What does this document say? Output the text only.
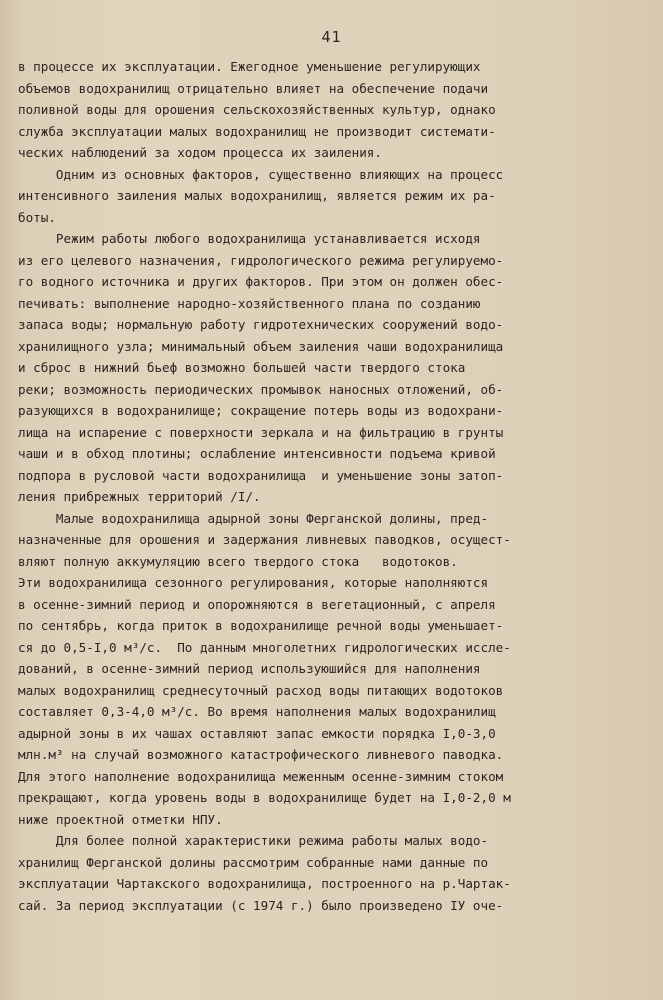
41
в процессе их эксплуатации. Ежегодное уменьшение регулирующих
объемов водохранилищ отрицательно влияет на обеспечение подачи
поливной воды для орошения сельскохозяйственных культур, однако
служба эксплуатации малых водохранилищ не производит системати-
ческих наблюдений за ходом процесса их заиления.
Одним из основных факторов, существенно влияющих на процесс
интенсивного заиления малых водохранилищ, является режим их ра-
боты.
Режим работы любого водохранилища устанавливается исходя
из его целевого назначения, гидрологического режима регулируемо-
го водного источника и других факторов. При этом он должен обес-
печивать: выполнение народно-хозяйственного плана по созданию
запаса воды; нормальную работу гидротехнических сооружений водо-
хранилищного узла; минимальный объем заиления чаши водохранилища
и сброс в нижний бьеф возможно большей части твердого стока
реки; возможность периодических промывок наносных отложений, об-
разующихся в водохранилище; сокращение потерь воды из водохрани-
лища на испарение с поверхности зеркала и на фильтрацию в грунты
чаши и в обход плотины; ослабление интенсивности подъема кривой
подпора в русловой части водохранилища  и уменьшение зоны затоп-
ления прибрежных территорий /I/.
Малые водохранилища адырной зоны Ферганской долины, пред-
назначенные для орошения и задержания ливневых паводков, осущест-
вляют полную аккумуляцию всего твердого стока   водотоков.
Эти водохранилища сезонного регулирования, которые наполняются
в осенне-зимний период и опорожняются в вегетационный, с апреля
по сентябрь, когда приток в водохранилище речной воды уменьшает-
ся до 0,5-I,0 м³/с.  По данным многолетних гидрологических иссле-
дований, в осенне-зимний период используюшийся для наполнения
малых водохранилищ среднесуточный расход воды питающих водотоков
составляет 0,3-4,0 м³/с. Во время наполнения малых водохранилищ
адырной зоны в их чашах оставляют запас емкости порядка I,0-3,0
млн.м³ на случай возможного катастрофического ливневого паводка.
Для этого наполнение водохранилища меженным осенне-зимним стоком
прекращают, когда уровень воды в водохранилище будет на I,0-2,0 м
ниже проектной отметки НПУ.
Для более полной характеристики режима работы малых водо-
хранилищ Ферганской долины рассмотрим собранные нами данные по
эксплуатации Чартакского водохранилища, построенного на р.Чартак-
сай. За период эксплуатации (с 1974 г.) было произведено IУ оче-
